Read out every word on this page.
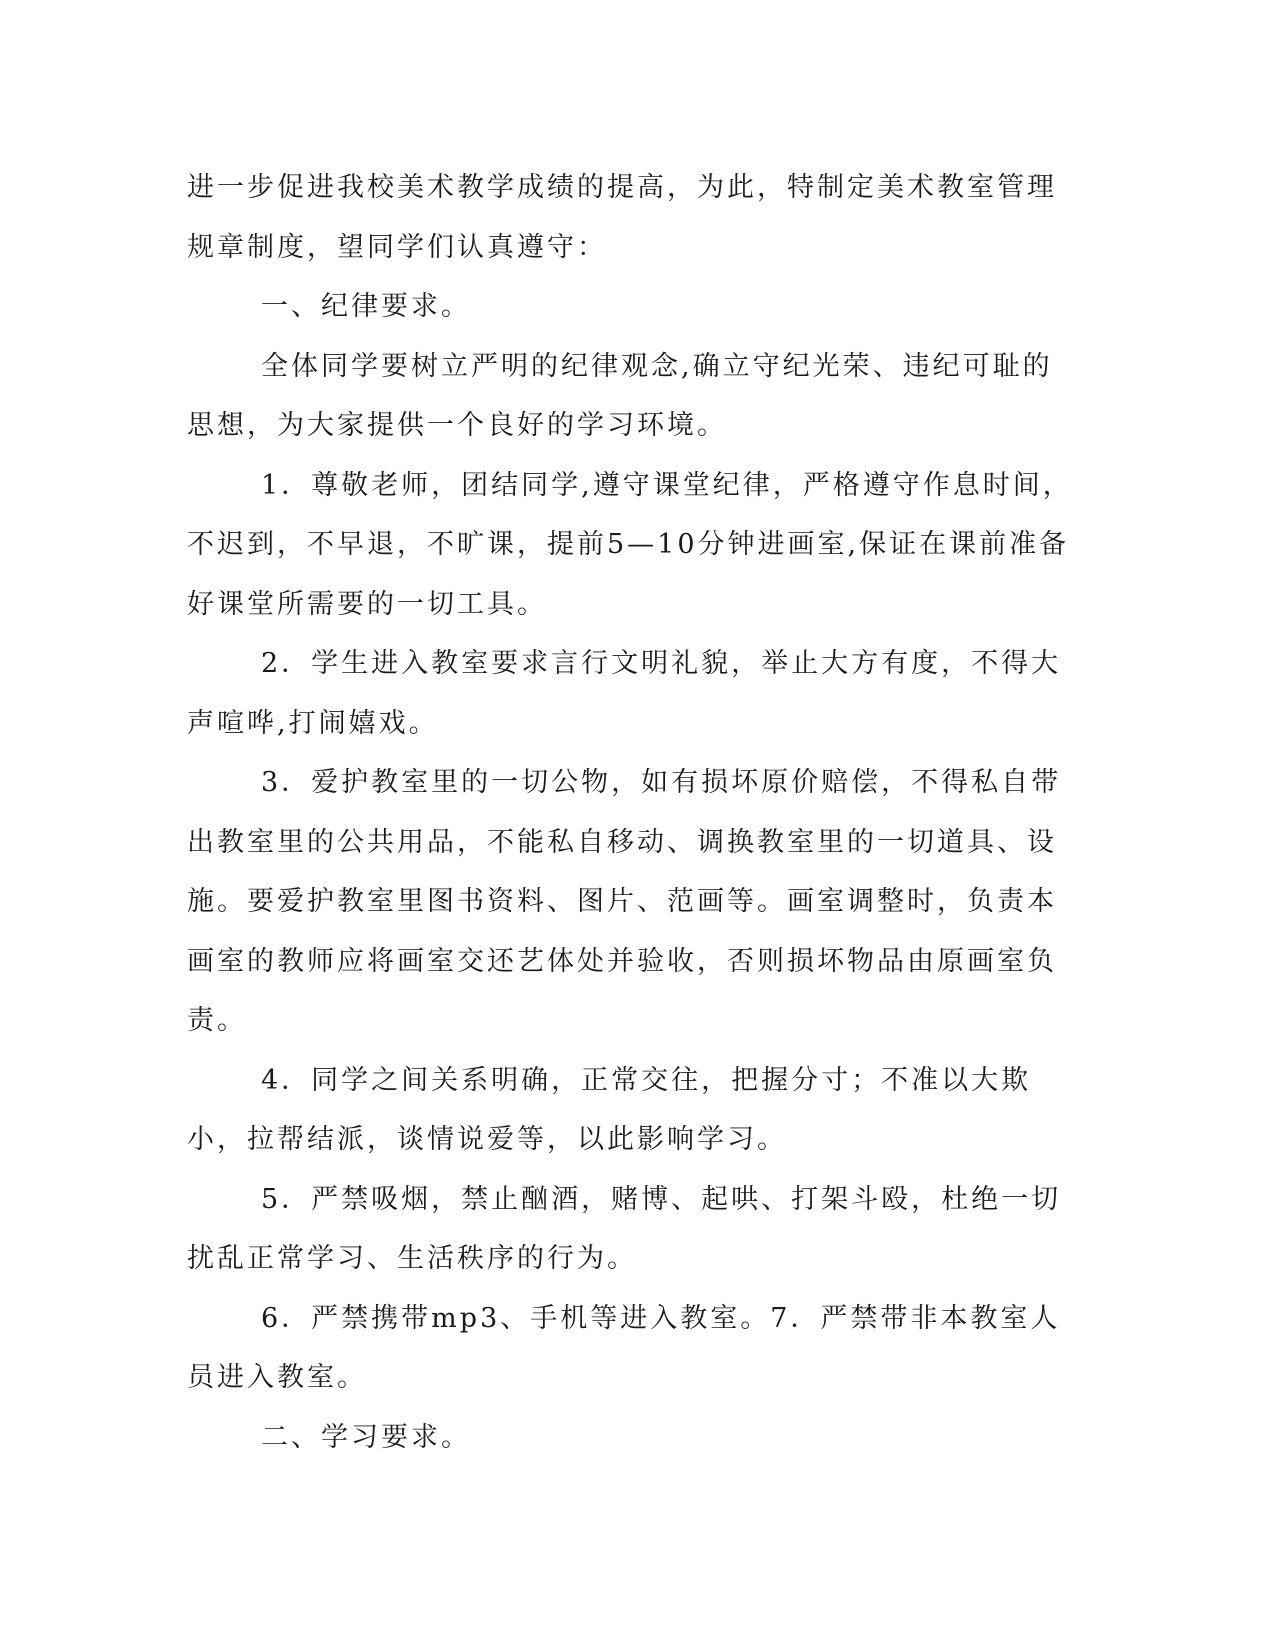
进一步促进我校美术教学成绩的提高，为此，特制定美术教室管理规章制度，望同学们认真遵守：

一、纪律要求。

全体同学要树立严明的纪律观念,确立守纪光荣、违纪可耻的思想，为大家提供一个良好的学习环境。

1．尊敬老师，团结同学,遵守课堂纪律，严格遵守作息时间，不迟到，不早退，不旷课，提前5—10分钟进画室,保证在课前准备好课堂所需要的一切工具。

2．学生进入教室要求言行文明礼貌，举止大方有度，不得大声喧哗,打闹嬉戏。

3．爱护教室里的一切公物，如有损坏原价赔偿，不得私自带出教室里的公共用品，不能私自移动、调换教室里的一切道具、设施。要爱护教室里图书资料、图片、范画等。画室调整时，负责本画室的教师应将画室交还艺体处并验收，否则损坏物品由原画室负责。

4．同学之间关系明确，正常交往，把握分寸；不准以大欺小，拉帮结派，谈情说爱等，以此影响学习。

5．严禁吸烟，禁止酗酒，赌博、起哄、打架斗殴，杜绝一切扰乱正常学习、生活秩序的行为。

6．严禁携带mp3、手机等进入教室。7．严禁带非本教室人员进入教室。

二、学习要求。
